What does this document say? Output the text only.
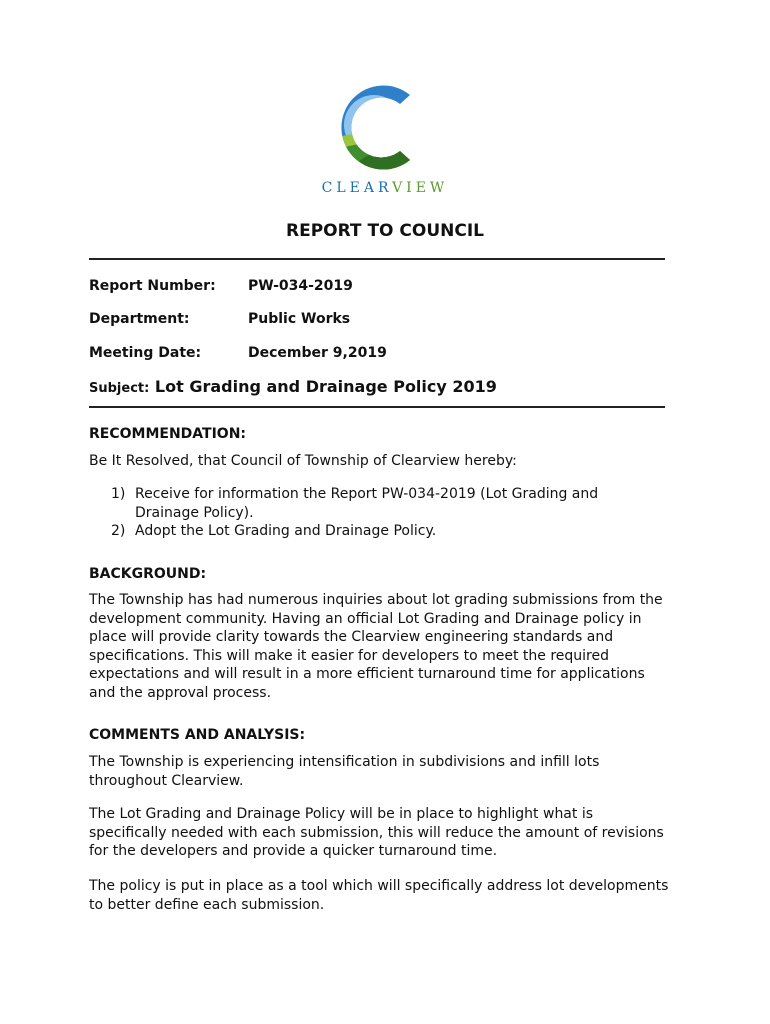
CLEARVIEW
REPORT TO COUNCIL
Report Number: PW-034-2019
Department:	Public Works
Meeting Date:	December 9,2019
Subject: Lot Grading and Drainage Policy 2019
RECOMMENDATION:

Be It Resolved, that Council of Township of Clearview hereby:

1) Receive for information the Report PW-034-2019 (Lot Grading and Drainage Policy).
2) Adopt the Lot Grading and Drainage Policy.
BACKGROUND:

The Township has had numerous inquiries about lot grading submissions from the development community. Having an official Lot Grading and Drainage policy in place will provide clarity towards the Clearview engineering standards and specifications. This will make it easier for developers to meet the required expectations and will result in a more efficient turnaround time for applications and the approval process.

COMMENTS AND ANALYSIS:

The Township is experiencing intensification in subdivisions and infill lots throughout Clearview.

The Lot Grading and Drainage Policy will be in place to highlight what is specifically needed with each submission, this will reduce the amount of revisions for the developers and provide a quicker turnaround time.

The policy is put in place as a tool which will specifically address lot developments to better define each submission.
